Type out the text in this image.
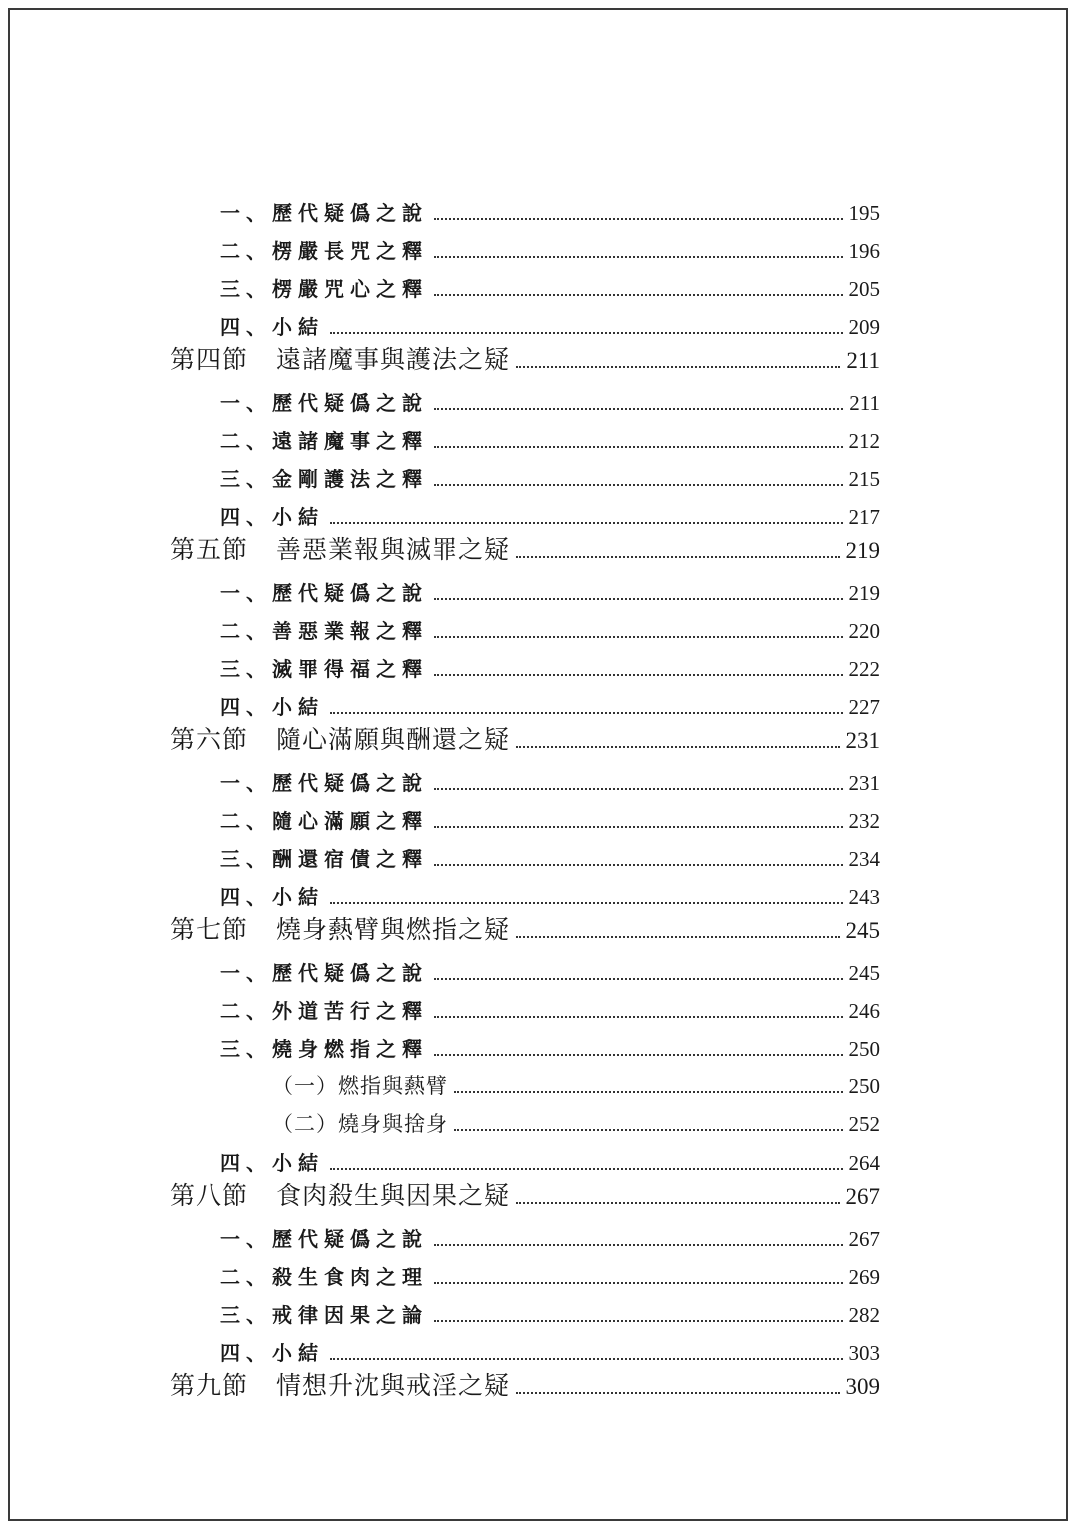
一、歷代疑僞之說	195
二、楞嚴長咒之釋	196
三、楞嚴咒心之釋	205
四、小結	209
第四節 遠諸魔事與護法之疑	211
一、歷代疑僞之說	211
二、遠諸魔事之釋	212
三、金剛護法之釋	215
四、小結	217
第五節 善惡業報與滅罪之疑	219
一、歷代疑僞之說	219
二、善惡業報之釋	220
三、滅罪得福之釋	222
四、小結	227
第六節 隨心滿願與酬還之疑	231
一、歷代疑僞之說	231
二、隨心滿願之釋	232
三、酬還宿債之釋	234
四、小結	243
第七節 燒身爇臂與燃指之疑	245
一、歷代疑僞之說	245
二、外道苦行之釋	246
三、燒身燃指之釋	250
（一）燃指與爇臂	250
（二）燒身與捨身	252
四、小結	264
第八節 食肉殺生與因果之疑	267
一、歷代疑僞之說	267
二、殺生食肉之理	269
三、戒律因果之論	282
四、小結	303
第九節 情想升沈與戒淫之疑	309
